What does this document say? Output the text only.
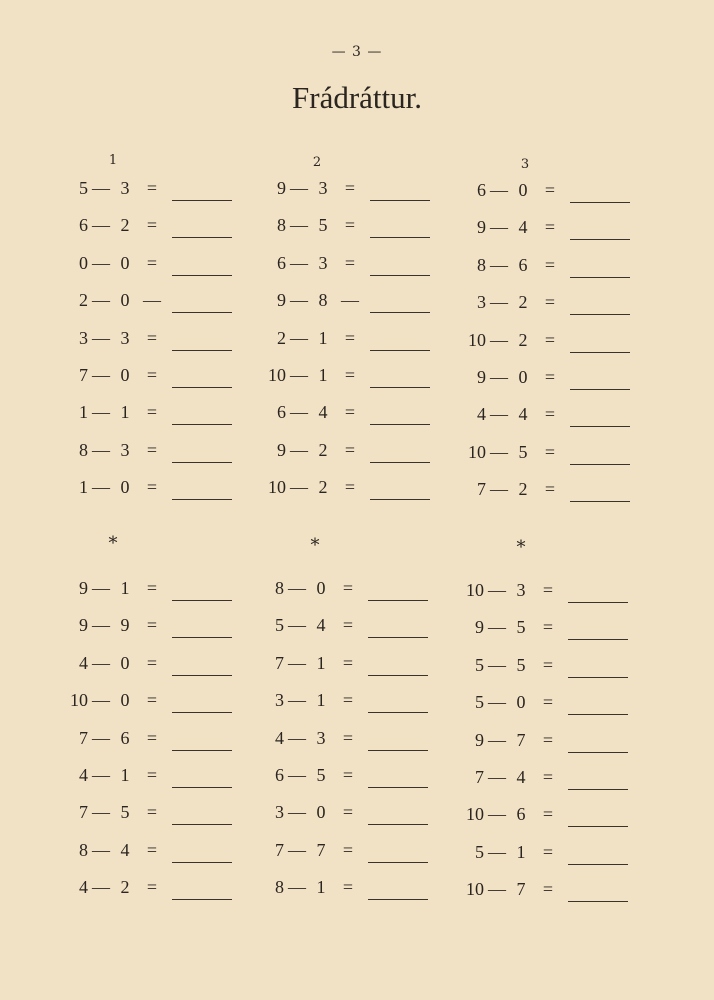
— 3 —
Frádráttur.
1	2	3
5 — 3 =
6 — 2 =
0 — 0 =
2 — 0 —
3 — 3 =
7 — 0 =
1 — 1 =
8 — 3 =
1 — 0 =
9 — 3 =
8 — 5 =
6 — 3 =
9 — 8 —
2 — 1 =
10 — 1 =
6 — 4 =
9 — 2 =
10 — 2 =
6 — 0 =
9 — 4 =
8 — 6 =
3 — 2 =
10 — 2 =
9 — 0 =
4 — 4 =
10 — 5 =
7 — 2 =
*	*	*
9 — 1 =
9 — 9 =
4 — 0 =
10 — 0 =
7 — 6 =
4 — 1 =
7 — 5 =
8 — 4 =
4 — 2 =
8 — 0 =
5 — 4 =
7 — 1 =
3 — 1 =
4 — 3 =
6 — 5 =
3 — 0 =
7 — 7 =
8 — 1 =
10 — 3 =
9 — 5 =
5 — 5 =
5 — 0 =
9 — 7 =
7 — 4 =
10 — 6 =
5 — 1 =
10 — 7 =
